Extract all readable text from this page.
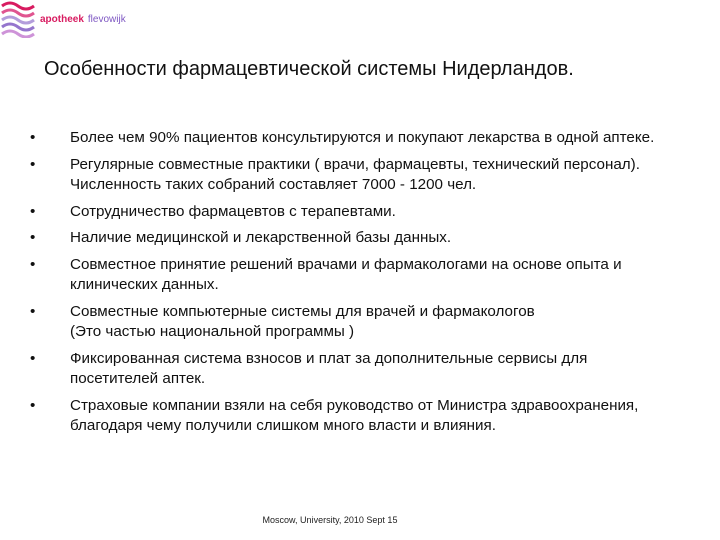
apotheek flevowijk
Особенности фармацевтической системы Нидерландов.
• Более чем 90% пациентов консультируются и покупают лекарства в одной аптеке.
• Регулярные совместные практики ( врачи, фармацевты, технический персонал). Численность таких собраний составляет 7000 - 1200 чел.
• Сотрудничество фармацевтов с терапевтами.
• Наличие медицинской и лекарственной базы данных.
• Совместное принятие решений врачами и фармакологами на основе опыта и клинических данных.
• Совместные компьютерные системы для врачей и фармакологов
(Это частью национальной программы )
• Фиксированная система взносов и плат за дополнительные сервисы для посетителей аптек.
• Страховые компании взяли на себя руководство от Министра здравоохранения, благодаря чему получили слишком много власти и влияния.
Moscow, University, 2010 Sept 15
